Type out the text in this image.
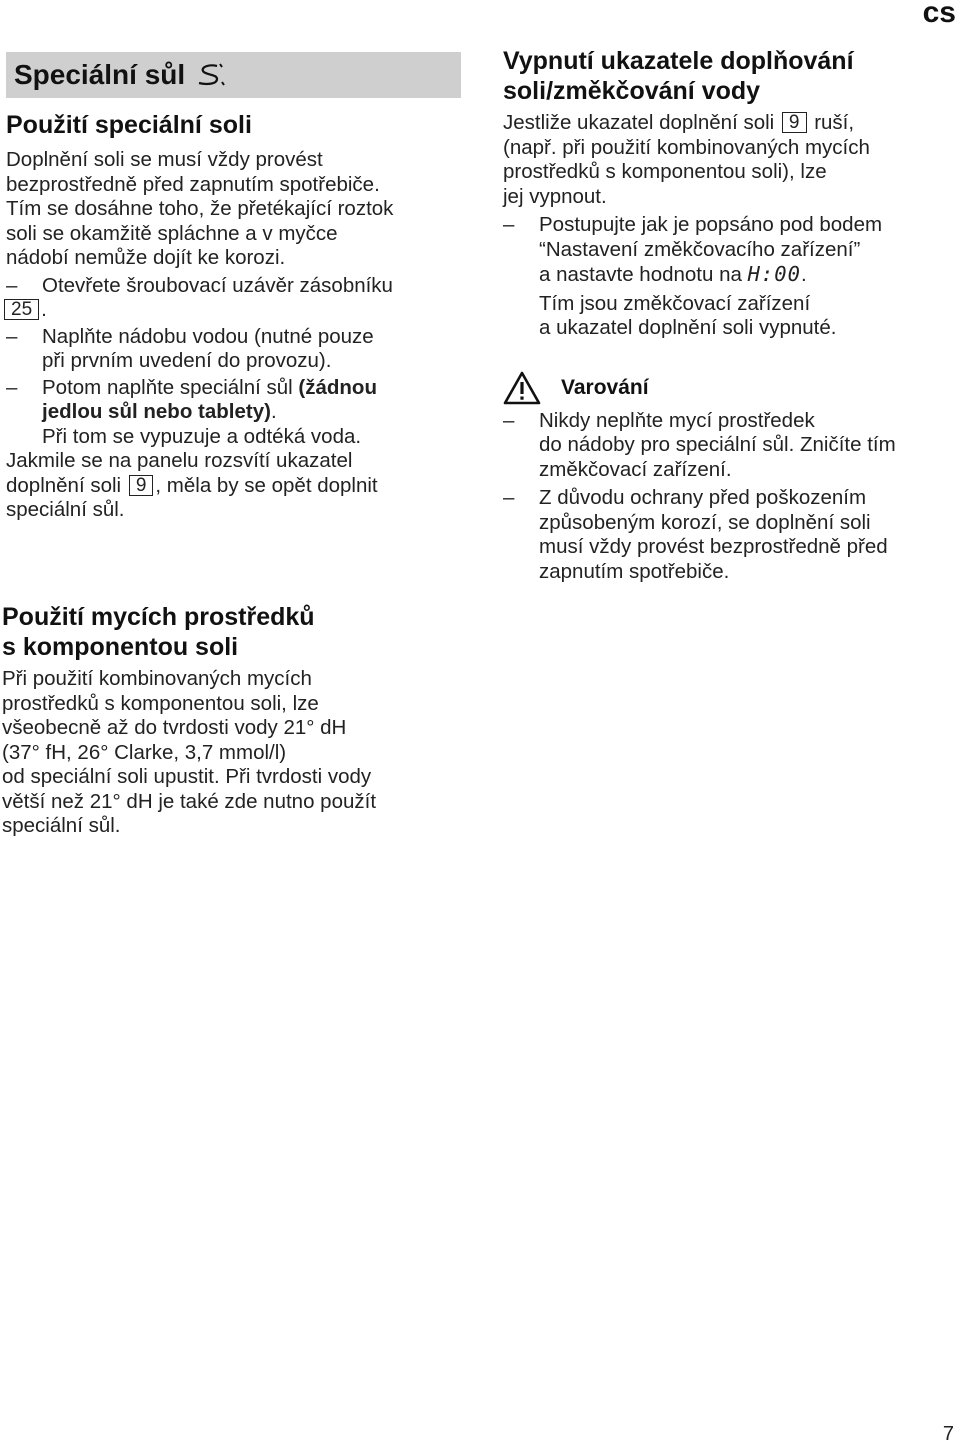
cs
Speciální sůl
Použití speciální soli

Doplnění soli se musí vždy provést

bezprostředně před zapnutím spotřebiče.

Tím se dosáhne toho, že přetékající roztok

soli se okamžitě spláchne a v myčce

nádobí nemůže dojít ke korozi.

– Otevřete šroubovací uzávěr zásobníku

25 .

– Naplňte nádobu vodou (nutné pouze

při prvním uvedení do provozu).

– Potom naplňte speciální sůl (žádnou

jedlou sůl nebo tablety).

Při tom se vypuzuje a odtéká voda.

Jakmile se na panelu rozsvítí ukazatel

doplnění soli 9 , měla by se opět doplnit

speciální sůl.

Použití mycích prostředků
s komponentou soli

Při použití kombinovaných mycích

prostředků s komponentou soli, lze

všeobecně až do tvrdosti vody 21° dH

(37° fH, 26° Clarke, 3,7 mmol/l)

od speciální soli upustit. Při tvrdosti vody

větší než 21° dH je také zde nutno použít

speciální sůl.

Vypnutí ukazatele doplňování
soli/změkčování vody

Jestliže ukazatel doplnění soli 9 ruší,

(např. při použití kombinovaných mycích

prostředků s komponentou soli), lze

jej vypnout.

– Postupujte jak je popsáno pod bodem

“Nastavení změkčovacího zařízení”

a nastavte hodnotu na H:00.

Tím jsou změkčovací zařízení

a ukazatel doplnění soli vypnuté.

Varování
– Nikdy neplňte mycí prostředek

do nádoby pro speciální sůl. Zničíte tím

změkčovací zařízení.

– Z důvodu ochrany před poškozením

způsobeným korozí, se doplnění soli

musí vždy provést bezprostředně před

zapnutím spotřebiče.

7
